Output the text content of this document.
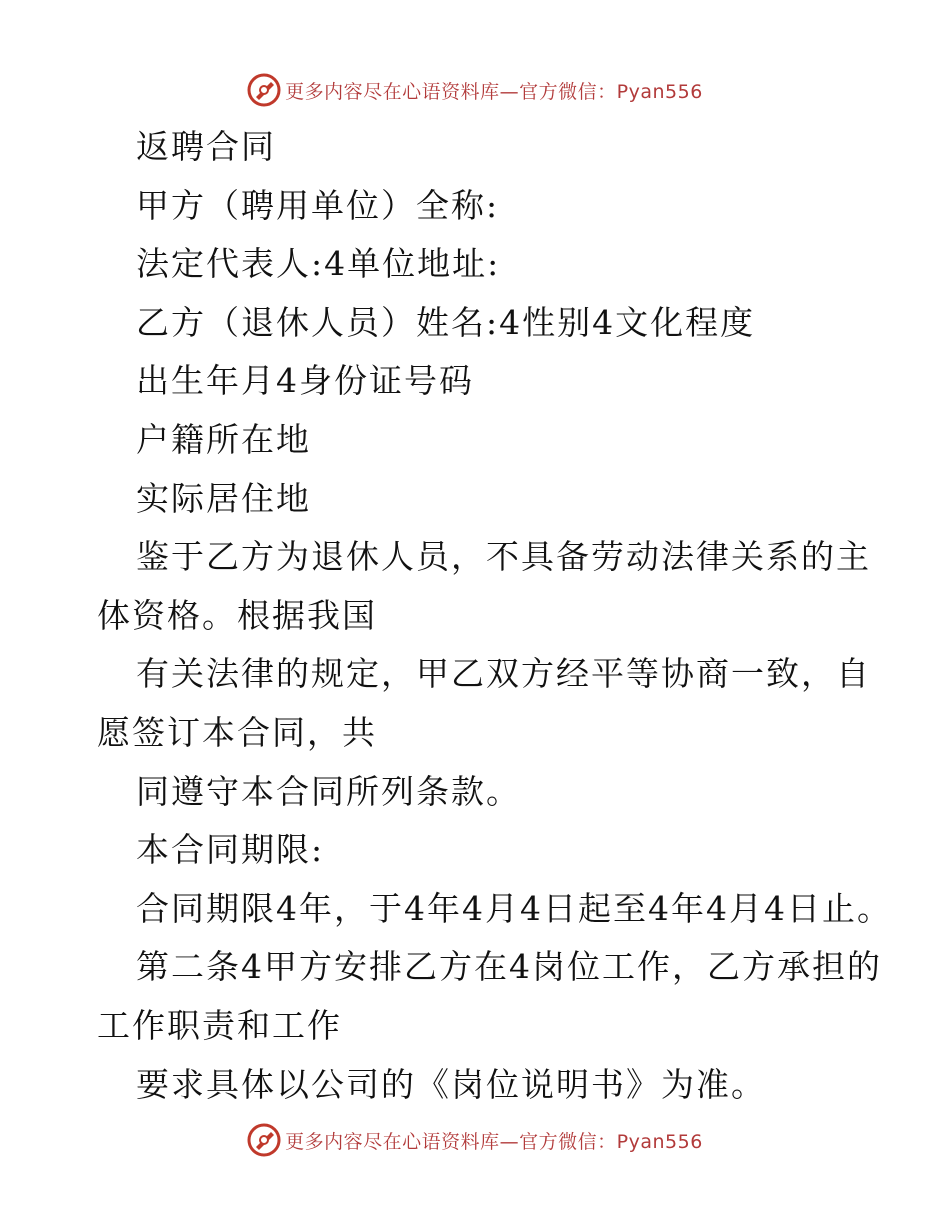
更多内容尽在心语资料库—官方微信：Pyan556
返聘合同
甲方（聘用单位）全称:
法定代表人:4单位地址:
乙方（退休人员）姓名:4性别4文化程度
出生年月4身份证号码
户籍所在地
实际居住地
鉴于乙方为退休人员，不具备劳动法律关系的主
体资格。根据我国
有关法律的规定，甲乙双方经平等协商一致，自
愿签订本合同，共
同遵守本合同所列条款。
本合同期限:
合同期限4年，于4年4月4日起至4年4月4日止。
第二条4甲方安排乙方在4岗位工作，乙方承担的
工作职责和工作
要求具体以公司的《岗位说明书》为准。
更多内容尽在心语资料库—官方微信：Pyan556
